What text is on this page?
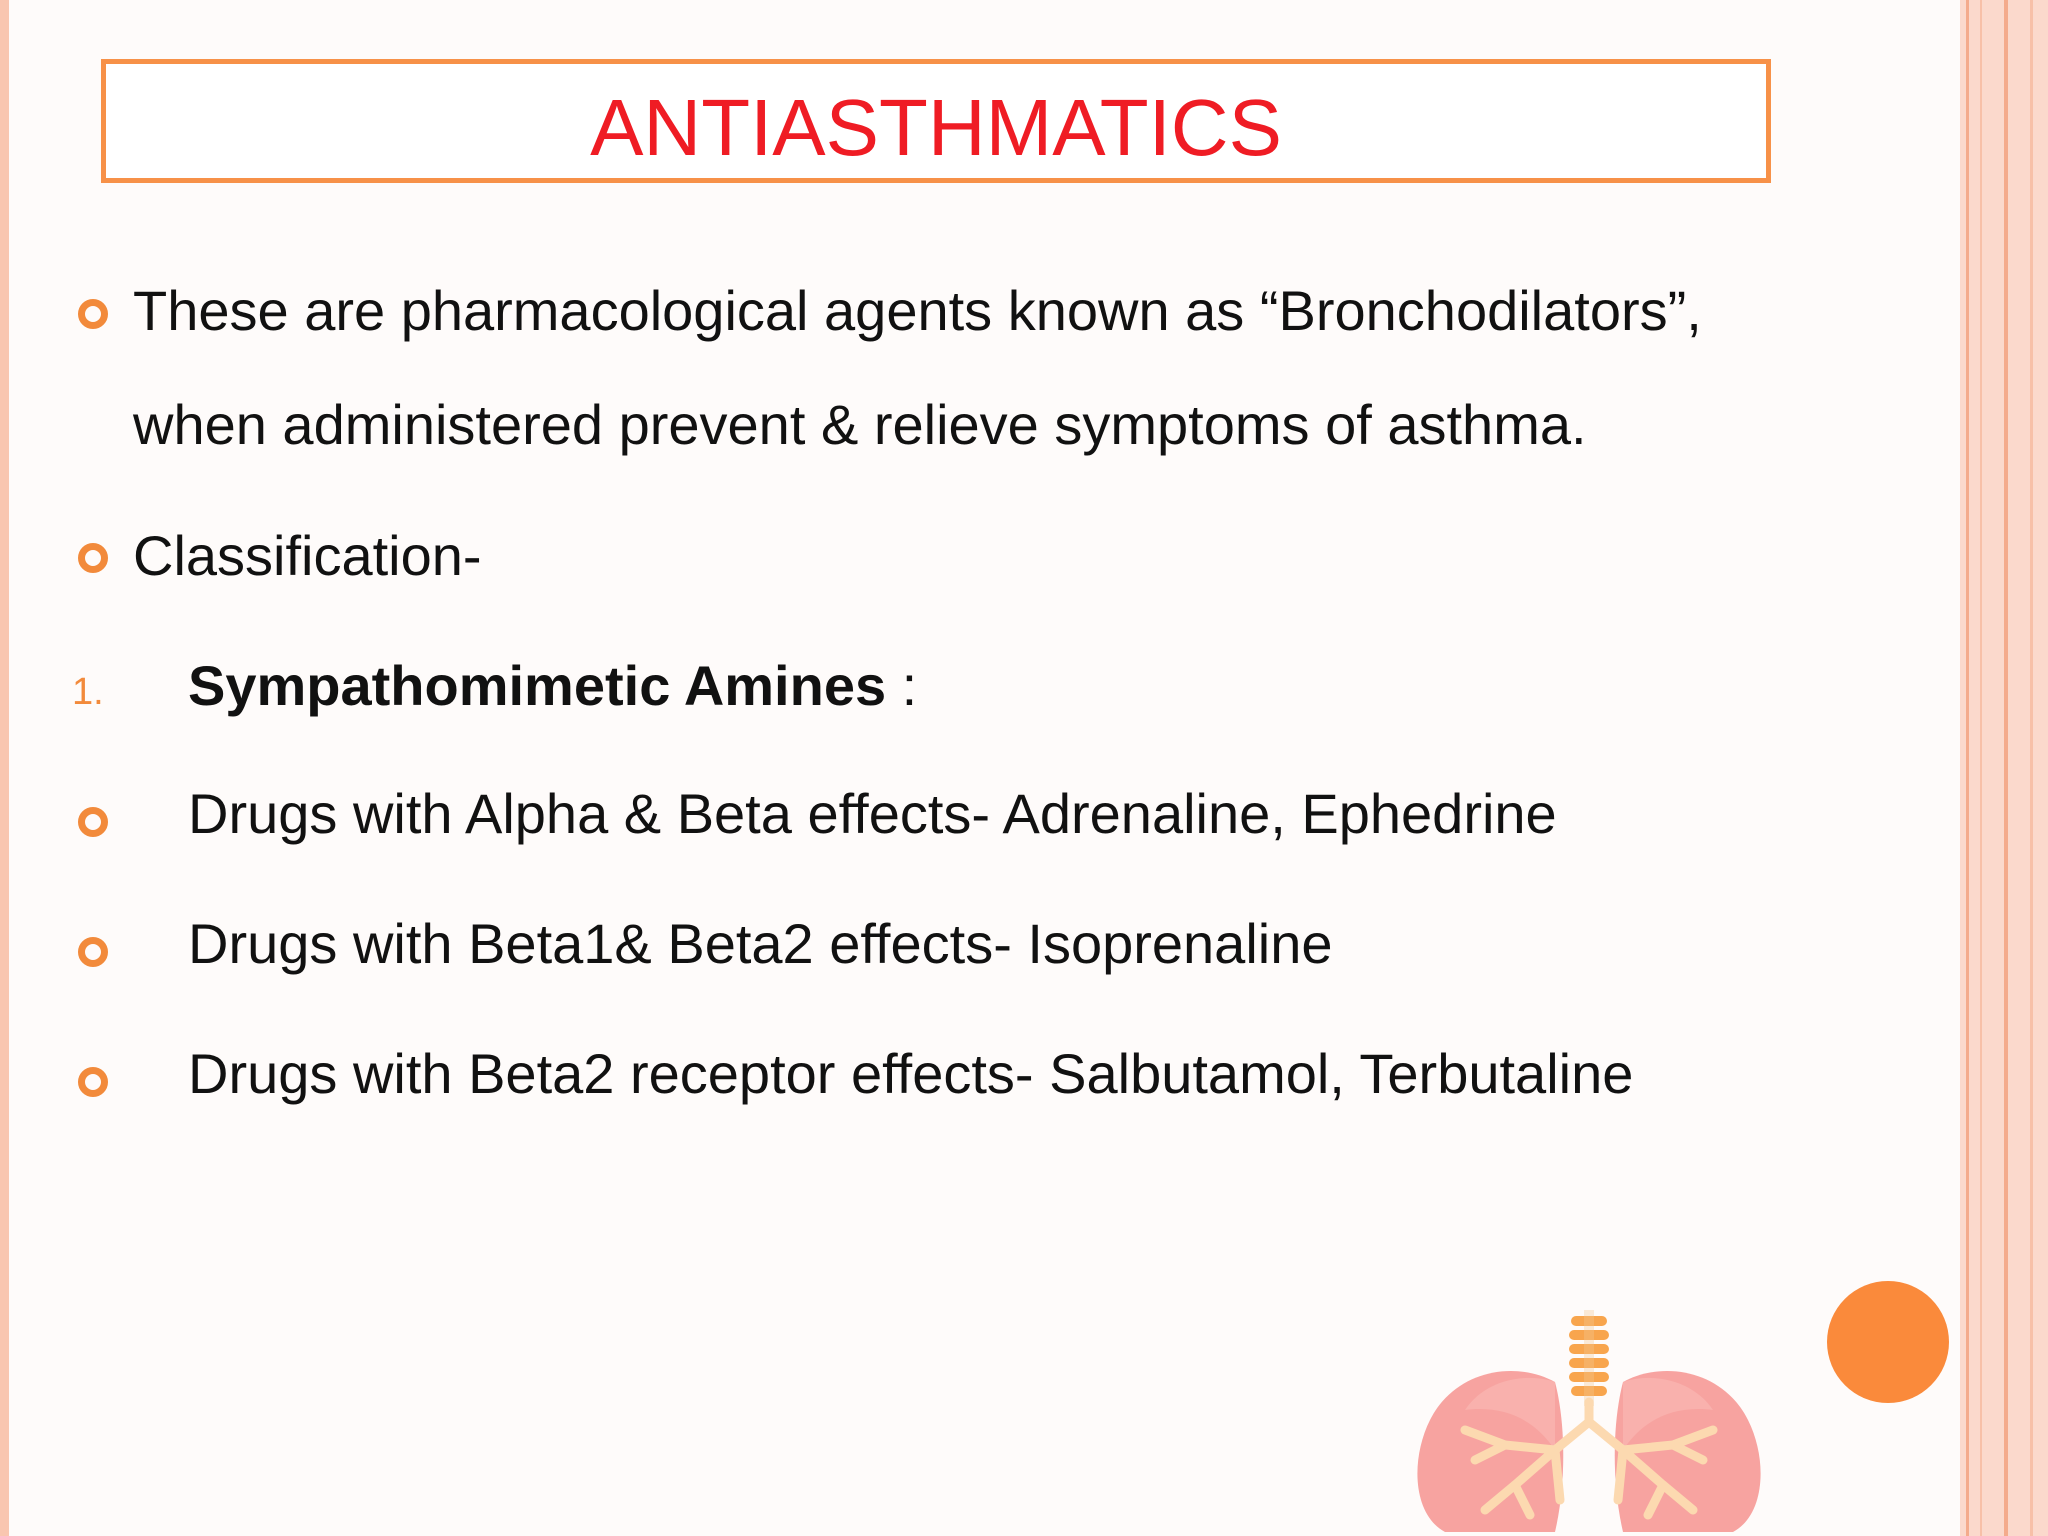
ANTIASTHMATICS
These are pharmacological agents known as “Bronchodilators”,
when administered prevent & relieve symptoms of asthma.
Classification-
1. Sympathomimetic Amines :
Drugs with Alpha & Beta effects- Adrenaline, Ephedrine
Drugs with Beta1& Beta2 effects- Isoprenaline
Drugs with Beta2 receptor effects- Salbutamol, Terbutaline
